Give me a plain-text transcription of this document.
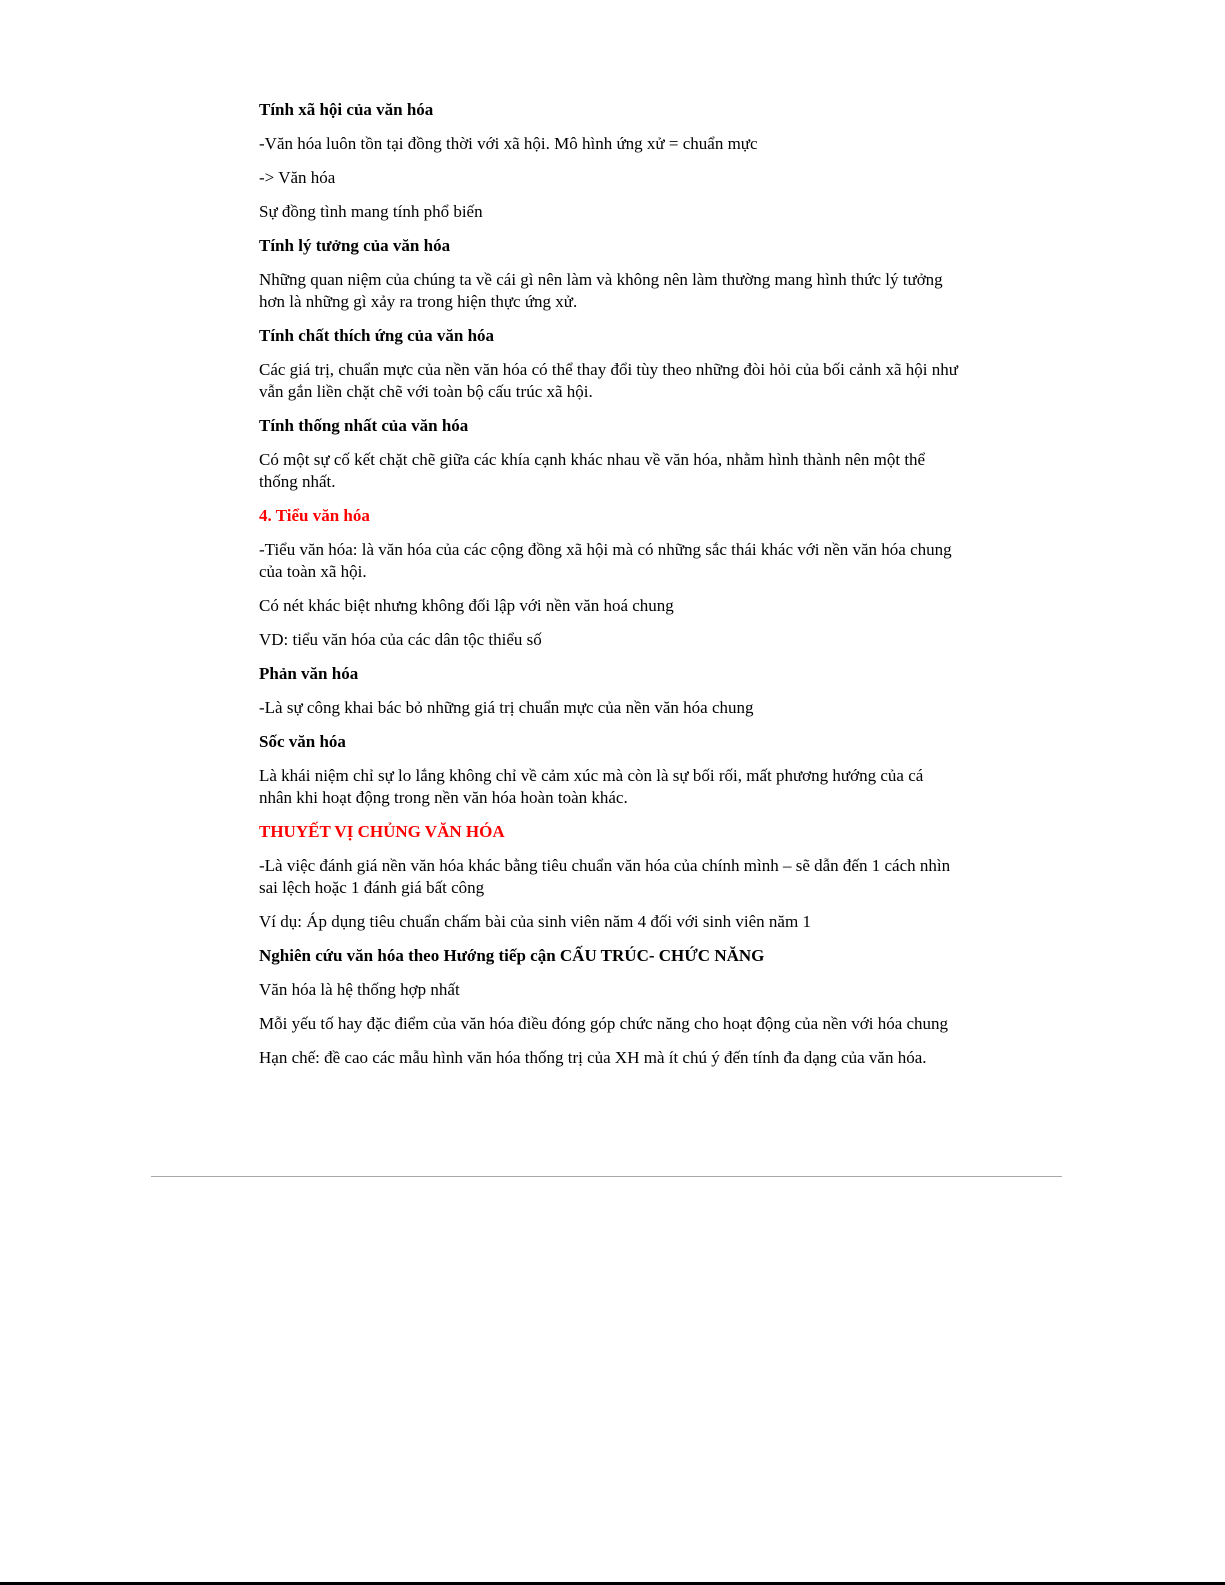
Tính xã hội của văn hóa

-Văn hóa luôn tồn tại đồng thời với xã hội. Mô hình ứng xử = chuẩn mực

-> Văn hóa

Sự đồng tình mang tính phổ biến

Tính lý tưởng của văn hóa

Những quan niệm của chúng ta về cái gì nên làm và không nên làm thường mang hình thức lý tưởng hơn là những gì xảy ra trong hiện thực ứng xử.

Tính chất thích ứng của văn hóa

Các giá trị, chuẩn mực của nền văn hóa có thể thay đổi tùy theo những đòi hỏi của bối cảnh xã hội như vẫn gắn liền chặt chẽ với toàn bộ cấu trúc xã hội.

Tính thống nhất của văn hóa

Có một sự cố kết chặt chẽ giữa các khía cạnh khác nhau về văn hóa, nhằm hình thành nên một thể thống nhất.

4. Tiểu văn hóa

-Tiểu văn hóa: là văn hóa của các cộng đồng xã hội mà có những sắc thái khác với nền văn hóa chung của toàn xã hội.

Có nét khác biệt nhưng không đối lập với nền văn hoá chung

VD: tiểu văn hóa của các dân tộc thiểu số

Phản văn hóa

-Là sự công khai bác bỏ những giá trị chuẩn mực của nền văn hóa chung

Sốc văn hóa

Là khái niệm chỉ sự lo lắng không chỉ về cảm xúc mà còn là sự bối rối, mất phương hướng của cá nhân khi hoạt động trong nền văn hóa hoàn toàn khác.

THUYẾT VỊ CHỦNG VĂN HÓA

-Là việc đánh giá nền văn hóa khác bằng tiêu chuẩn văn hóa của chính mình – sẽ dẫn đến 1 cách nhìn sai lệch hoặc 1 đánh giá bất công

Ví dụ: Áp dụng tiêu chuẩn chấm bài của sinh viên năm 4 đối với sinh viên năm 1

Nghiên cứu văn hóa theo Hướng tiếp cận CẤU TRÚC- CHỨC NĂNG

Văn hóa là hệ thống hợp nhất

Mỗi yếu tố hay đặc điểm của văn hóa điều đóng góp chức năng cho hoạt động của nền với hóa chung

Hạn chế: đề cao các mẫu hình văn hóa thống trị của XH mà ít chú ý đến tính đa dạng của văn hóa.
